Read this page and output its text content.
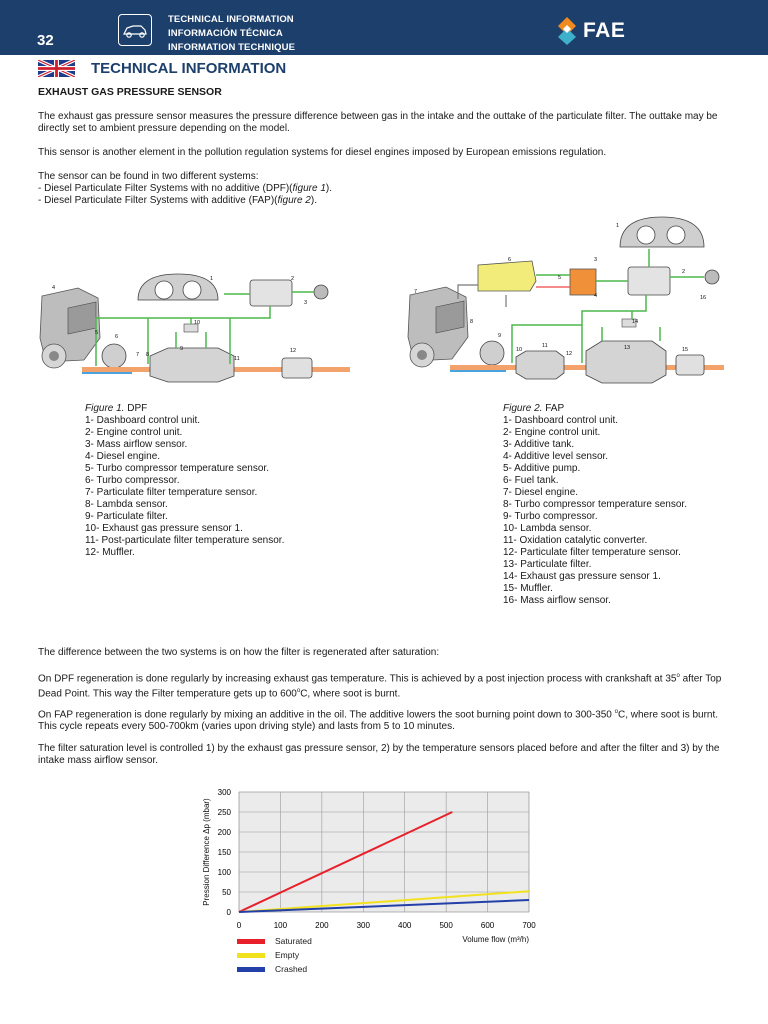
32
TECHNICAL INFORMATION
INFORMACIÓN TÉCNICA
INFORMATION TECHNIQUE
FAE
TECHNICAL INFORMATION
EXHAUST GAS PRESSURE SENSOR
The exhaust gas pressure sensor measures the pressure difference between gas in the intake and the outtake of the particulate filter. The outtake may be directly set to ambient pressure depending on the model.
This sensor is another element in the pollution regulation systems for diesel engines imposed by European emissions regulation.
The sensor can be found in two different systems:
- Diesel Particulate Filter Systems with no additive (DPF)(figure 1).
- Diesel Particulate Filter Systems with additive (FAP)(figure 2).
1	2
3
4
5
6
7 8
9
10
11
12
1
2
3
4
5
6
7
8
9
10
11
12
13
14
15
16
Figure 1. DPF
1- Dashboard control unit.
2- Engine control unit.
3- Mass airflow sensor.
4- Diesel engine.
5- Turbo compressor temperature sensor.
6- Turbo compressor.
7- Particulate filter temperature sensor.
8- Lambda sensor.
9- Particulate filter.
10- Exhaust gas pressure sensor 1.
11- Post-particulate filter temperature sensor.
12- Muffler.
Figure 2. FAP
1- Dashboard control unit.
2- Engine control unit.
3- Additive tank.
4- Additive level sensor.
5- Additive pump.
6- Fuel tank.
7- Diesel engine.
8- Turbo compressor temperature sensor.
9- Turbo compressor.
10- Lambda sensor.
11- Oxidation catalytic converter.
12- Particulate filter temperature sensor.
13- Particulate filter.
14- Exhaust gas pressure sensor 1.
15- Muffler.
16- Mass airflow sensor.
The difference between the two systems is on how the filter is regenerated after saturation:
On DPF regeneration is done regularly by increasing exhaust gas temperature. This is achieved by a post injection process with crankshaft at 35$^o$ after Top Dead Point. This way the Filter temperature gets up to 600$^o$C, where soot is burnt.
On FAP regeneration is done regularly by mixing an additive in the oil. The additive lowers the soot burning point down to 300-350 $^o$C, where soot is burnt. This cycle repeats every 500-700km (varies upon driving style) and lasts from 5 to 10 minutes.
The filter saturation level is controlled 1) by the exhaust gas pressure sensor, 2) by the temperature sensors placed before and after the filter and 3) by the intake mass airflow sensor.
0	100	200	300	400	500	600	700
0
50
100
150
200
250
300
Pression Difference Δp (mbar)
Volume flow (m³/h)
Saturated
Empty
Crashed
